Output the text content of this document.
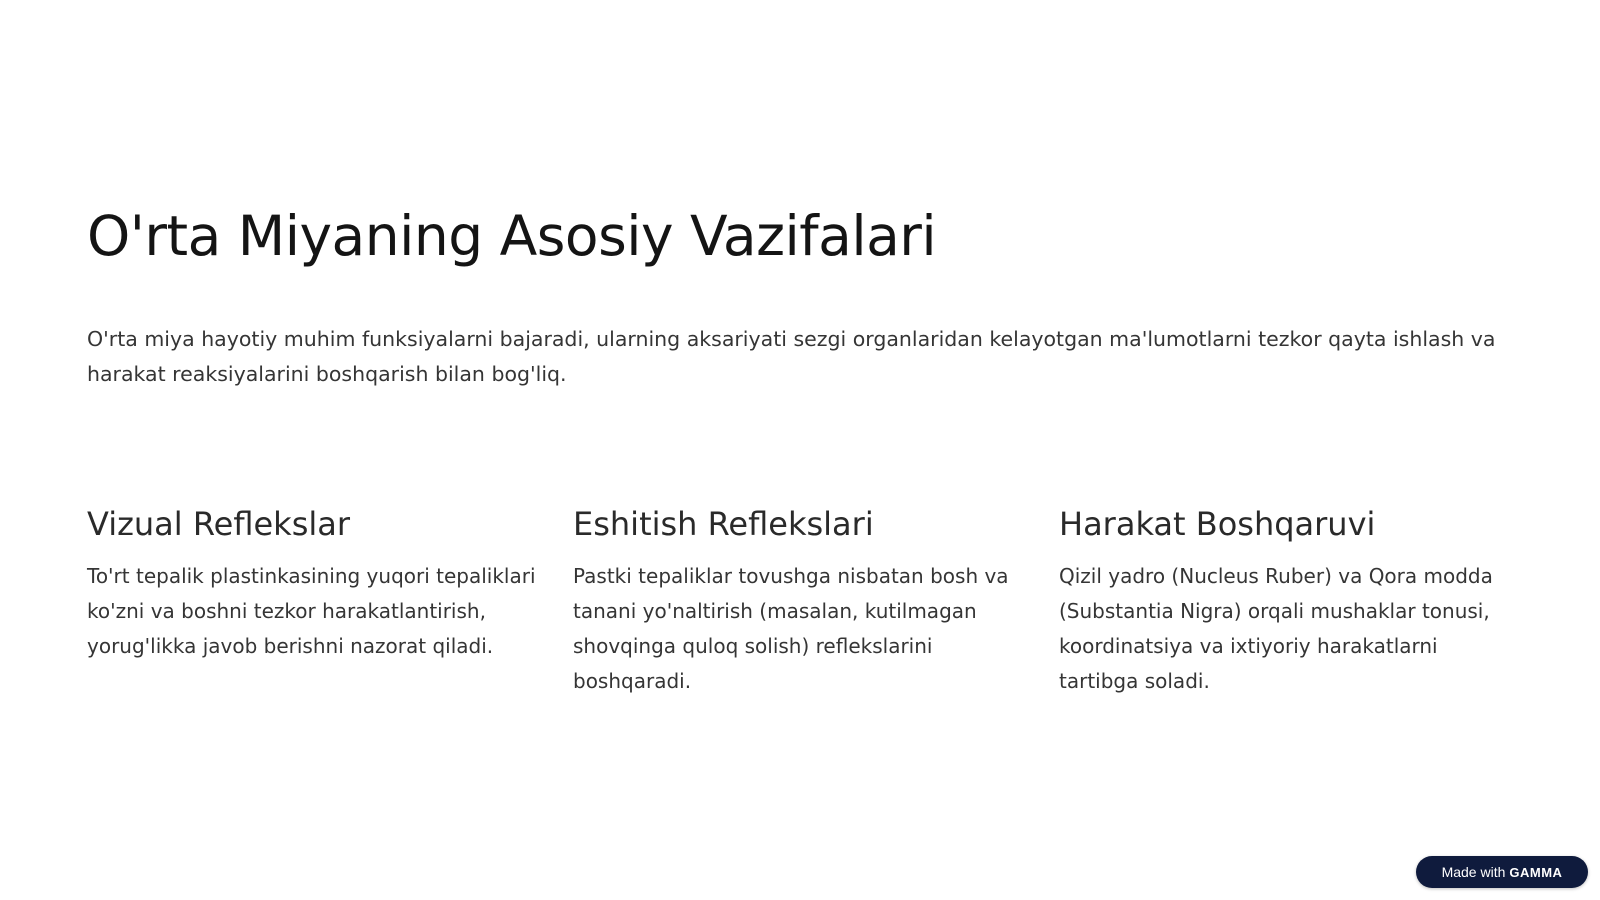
O'rta Miyaning Asosiy Vazifalari

O'rta miya hayotiy muhim funksiyalarni bajaradi, ularning aksariyati sezgi organlaridan kelayotgan ma'lumotlarni tezkor qayta ishlash va harakat reaksiyalarini boshqarish bilan bog'liq.

Vizual Reflekslar

To'rt tepalik plastinkasining yuqori tepaliklari ko'zni va boshni tezkor harakatlantirish, yorug'likka javob berishni nazorat qiladi.

Eshitish Reflekslari

Pastki tepaliklar tovushga nisbatan bosh va tanani yo'naltirish (masalan, kutilmagan shovqinga quloq solish) reflekslarini boshqaradi.

Harakat Boshqaruvi

Qizil yadro (Nucleus Ruber) va Qora modda (Substantia Nigra) orqali mushaklar tonusi, koordinatsiya va ixtiyoriy harakatlarni tartibga soladi.

Made with GAMMA
